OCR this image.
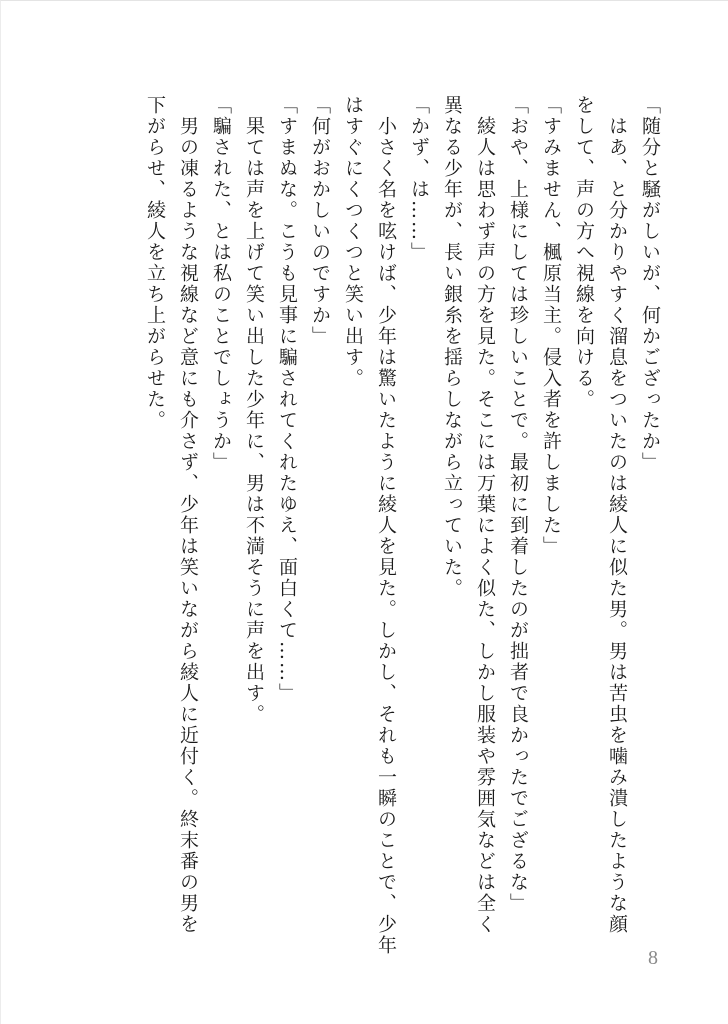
「随分と騒がしいが、何かござったか」
　はあ、と分かりやすく溜息をついたのは綾人に似た男。男は苦虫を噛み潰したような顔
をして、声の方へ視線を向ける。
「すみません、楓原当主。侵入者を許しました」
「おや、上様にしては珍しいことで。最初に到着したのが拙者で良かったでござるな」
　綾人は思わず声の方を見た。そこには万葉によく似た、しかし服装や雰囲気などは全く
異なる少年が、長い銀糸を揺らしながら立っていた。
「かず、は……」
　小さく名を呟けば、少年は驚いたように綾人を見た。しかし、それも一瞬のことで、少年
はすぐにくつくつと笑い出す。
「何がおかしいのですか」
「すまぬな。こうも見事に騙されてくれたゆえ、面白くて……」
　果ては声を上げて笑い出した少年に、男は不満そうに声を出す。
「騙された、とは私のことでしょうか」
　男の凍るような視線など意にも介さず、少年は笑いながら綾人に近付く。終末番の男を
下がらせ、綾人を立ち上がらせた。
8
